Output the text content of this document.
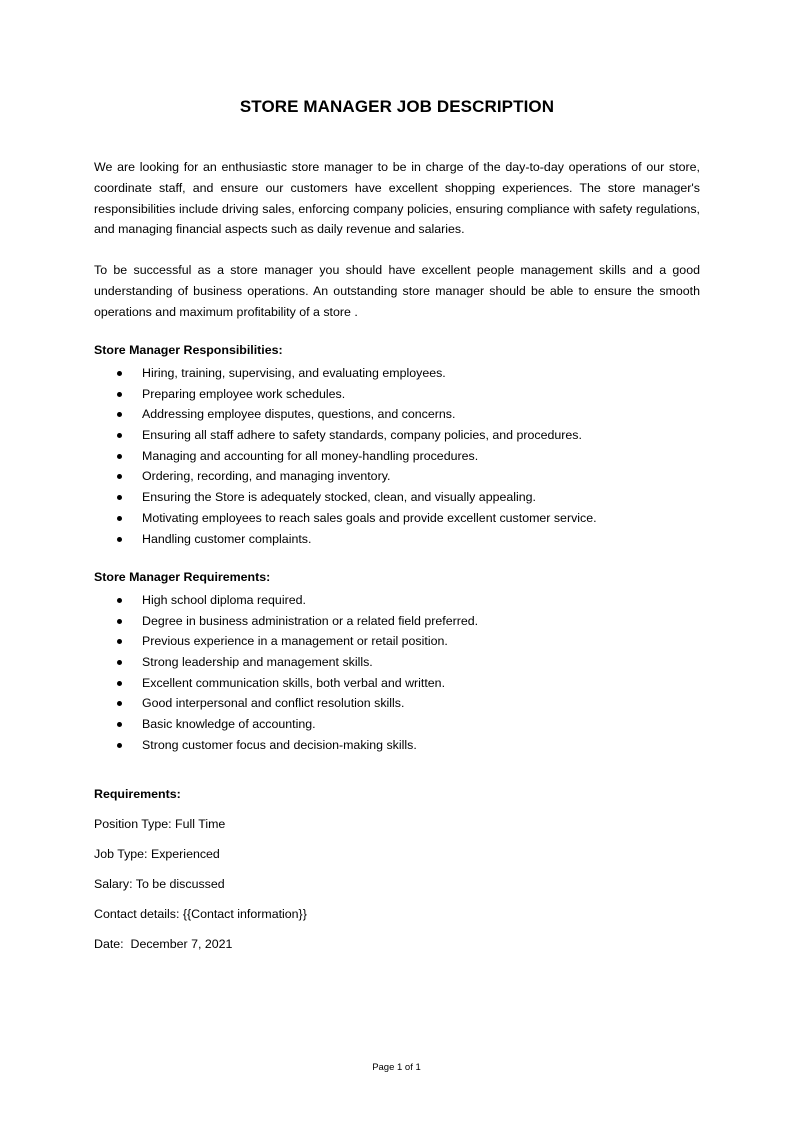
STORE MANAGER JOB DESCRIPTION
We are looking for an enthusiastic store manager to be in charge of the day-to-day operations of our store, coordinate staff, and ensure our customers have excellent shopping experiences. The store manager's responsibilities include driving sales, enforcing company policies, ensuring compliance with safety regulations, and managing financial aspects such as daily revenue and salaries.
To be successful as a store manager you should have excellent people management skills and a good understanding of business operations. An outstanding store manager should be able to ensure the smooth operations and maximum profitability of a store .
Store Manager Responsibilities:
Hiring, training, supervising, and evaluating employees.
Preparing employee work schedules.
Addressing employee disputes, questions, and concerns.
Ensuring all staff adhere to safety standards, company policies, and procedures.
Managing and accounting for all money-handling procedures.
Ordering, recording, and managing inventory.
Ensuring the Store is adequately stocked, clean, and visually appealing.
Motivating employees to reach sales goals and provide excellent customer service.
Handling customer complaints.
Store Manager Requirements:
High school diploma required.
Degree in business administration or a related field preferred.
Previous experience in a management or retail position.
Strong leadership and management skills.
Excellent communication skills, both verbal and written.
Good interpersonal and conflict resolution skills.
Basic knowledge of accounting.
Strong customer focus and decision-making skills.
Requirements:
Position Type: Full Time
Job Type: Experienced
Salary: To be discussed
Contact details: {{Contact information}}
Date:  December 7, 2021
Page 1 of 1
